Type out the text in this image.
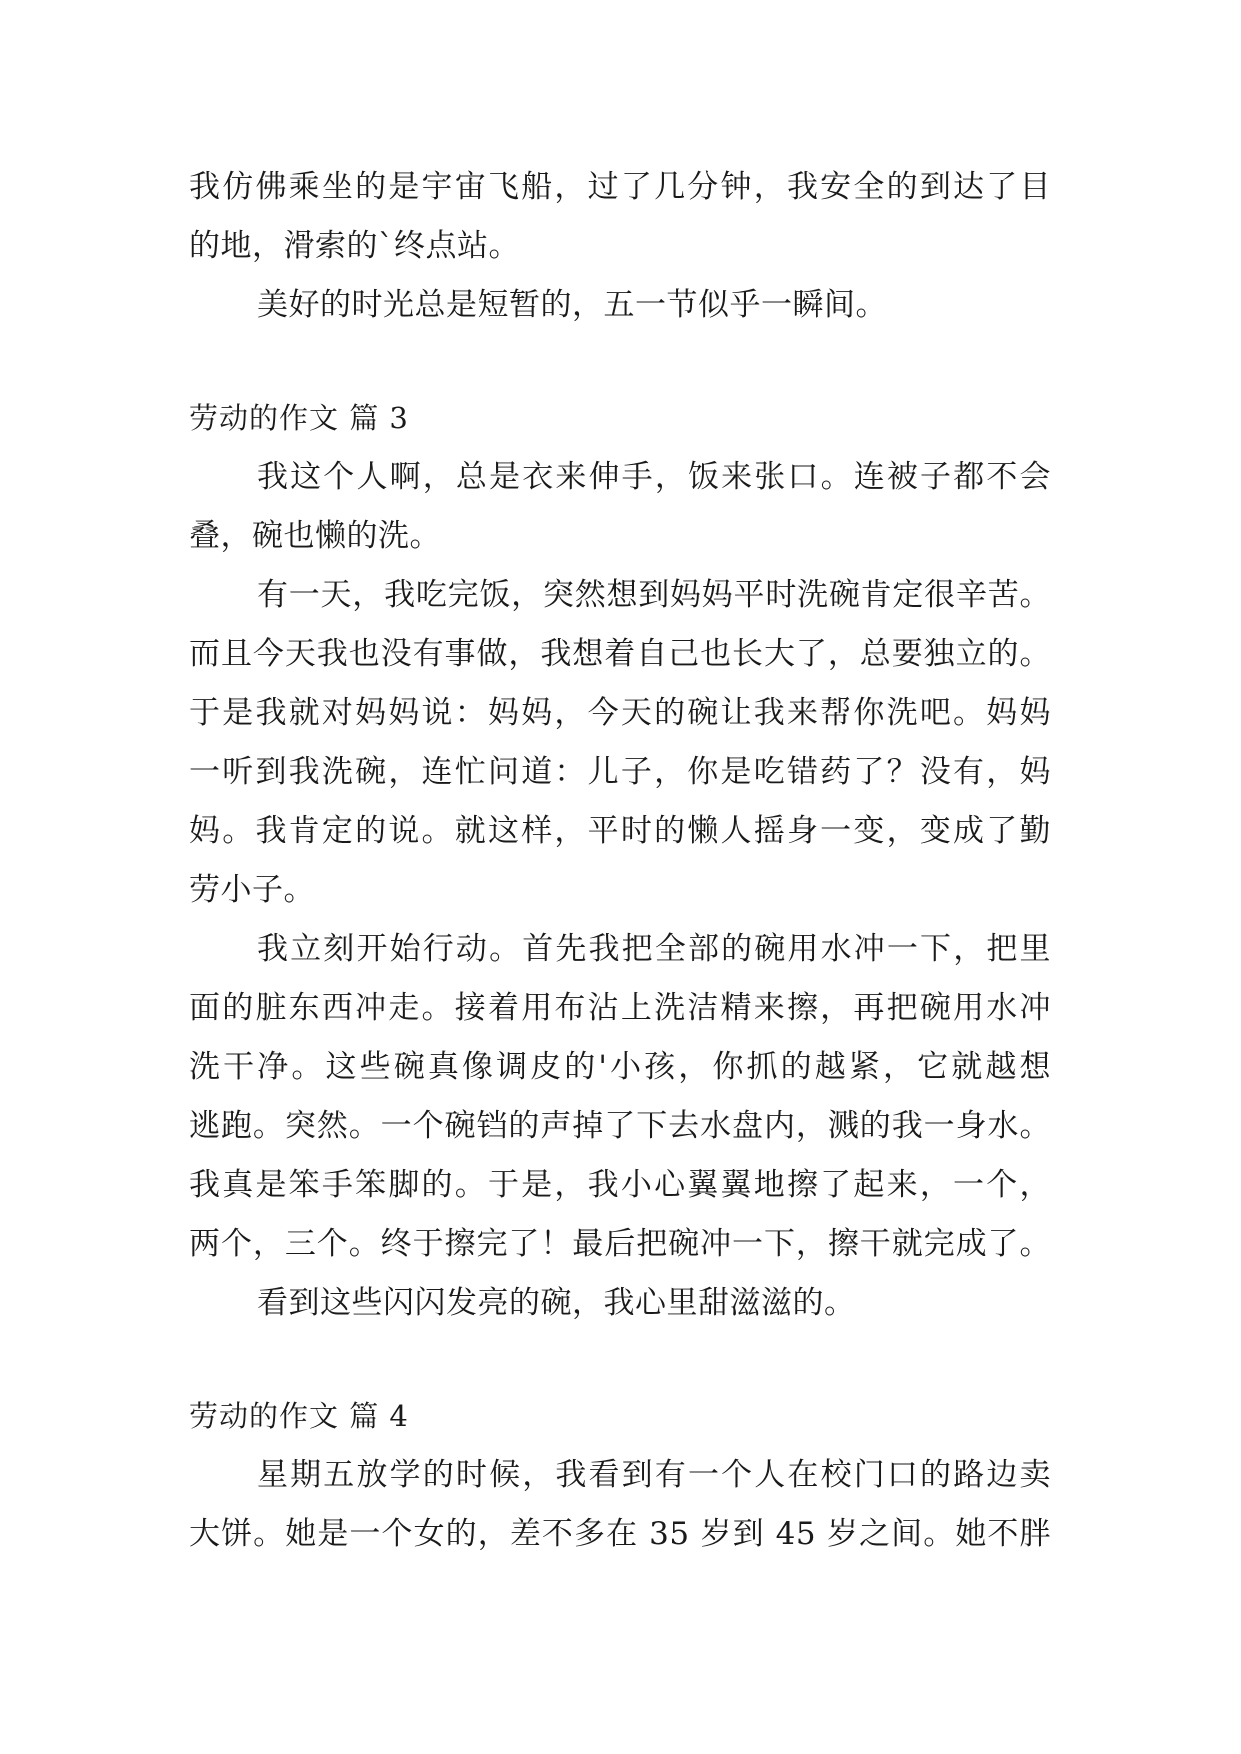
我仿佛乘坐的是宇宙飞船，过了几分钟，我安全的到达了目
的地，滑索的`终点站。
美好的时光总是短暂的，五一节似乎一瞬间。
劳动的作文 篇 3
我这个人啊，总是衣来伸手，饭来张口。连被子都不会
叠，碗也懒的洗。
有一天，我吃完饭，突然想到妈妈平时洗碗肯定很辛苦。
而且今天我也没有事做，我想着自己也长大了，总要独立的。
于是我就对妈妈说：妈妈，今天的碗让我来帮你洗吧。妈妈
一听到我洗碗，连忙问道：儿子，你是吃错药了？没有，妈
妈。我肯定的说。就这样，平时的懒人摇身一变，变成了勤
劳小子。
我立刻开始行动。首先我把全部的碗用水冲一下，把里
面的脏东西冲走。接着用布沾上洗洁精来擦，再把碗用水冲
洗干净。这些碗真像调皮的'小孩，你抓的越紧，它就越想
逃跑。突然。一个碗铛的声掉了下去水盘内，溅的我一身水。
我真是笨手笨脚的。于是，我小心翼翼地擦了起来，一个，
两个，三个。终于擦完了！最后把碗冲一下，擦干就完成了。
看到这些闪闪发亮的碗，我心里甜滋滋的。
劳动的作文 篇 4
星期五放学的时候，我看到有一个人在校门口的路边卖
大饼。她是一个女的，差不多在 35 岁到 45 岁之间。她不胖
